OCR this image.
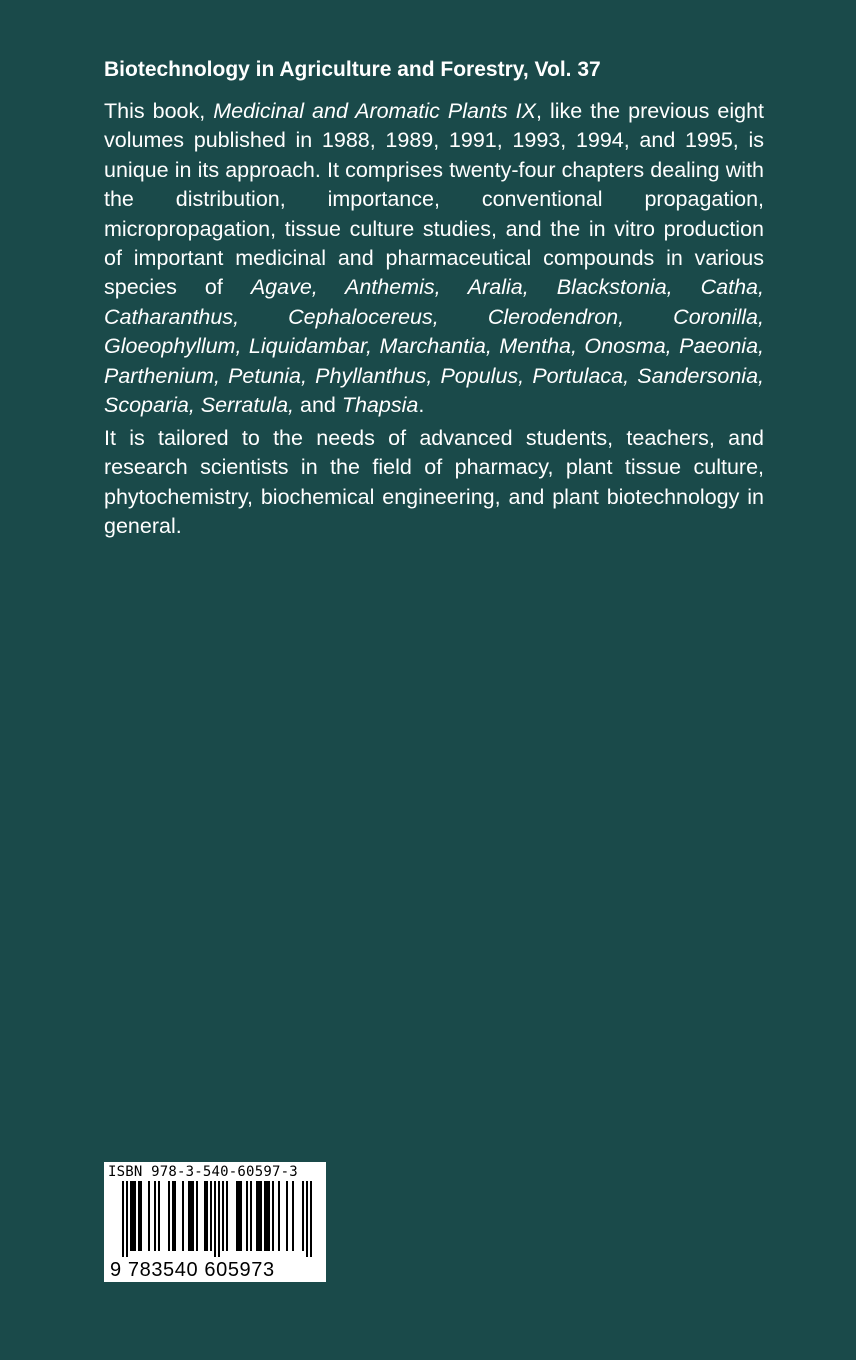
Biotechnology in Agriculture and Forestry, Vol. 37

This book, Medicinal and Aromatic Plants IX, like the previous eight volumes published in 1988, 1989, 1991, 1993, 1994, and 1995, is unique in its approach. It comprises twenty-four chapters dealing with the distribution, importance, conventional propagation, micropropagation, tissue culture studies, and the in vitro production of important medicinal and pharmaceutical compounds in various species of Agave, Anthemis, Aralia, Blackstonia, Catha, Catharanthus, Cephalocereus, Clerodendron, Coronilla, Gloeophyllum, Liquidambar, Marchantia, Mentha, Onosma, Paeonia, Parthenium, Petunia, Phyllanthus, Populus, Portulaca, Sandersonia, Scoparia, Serratula, and Thapsia.

It is tailored to the needs of advanced students, teachers, and research scientists in the field of pharmacy, plant tissue culture, phytochemistry, biochemical engineering, and plant biotechnology in general.

ISBN 978-3-540-60597-3
9 783540 605973
